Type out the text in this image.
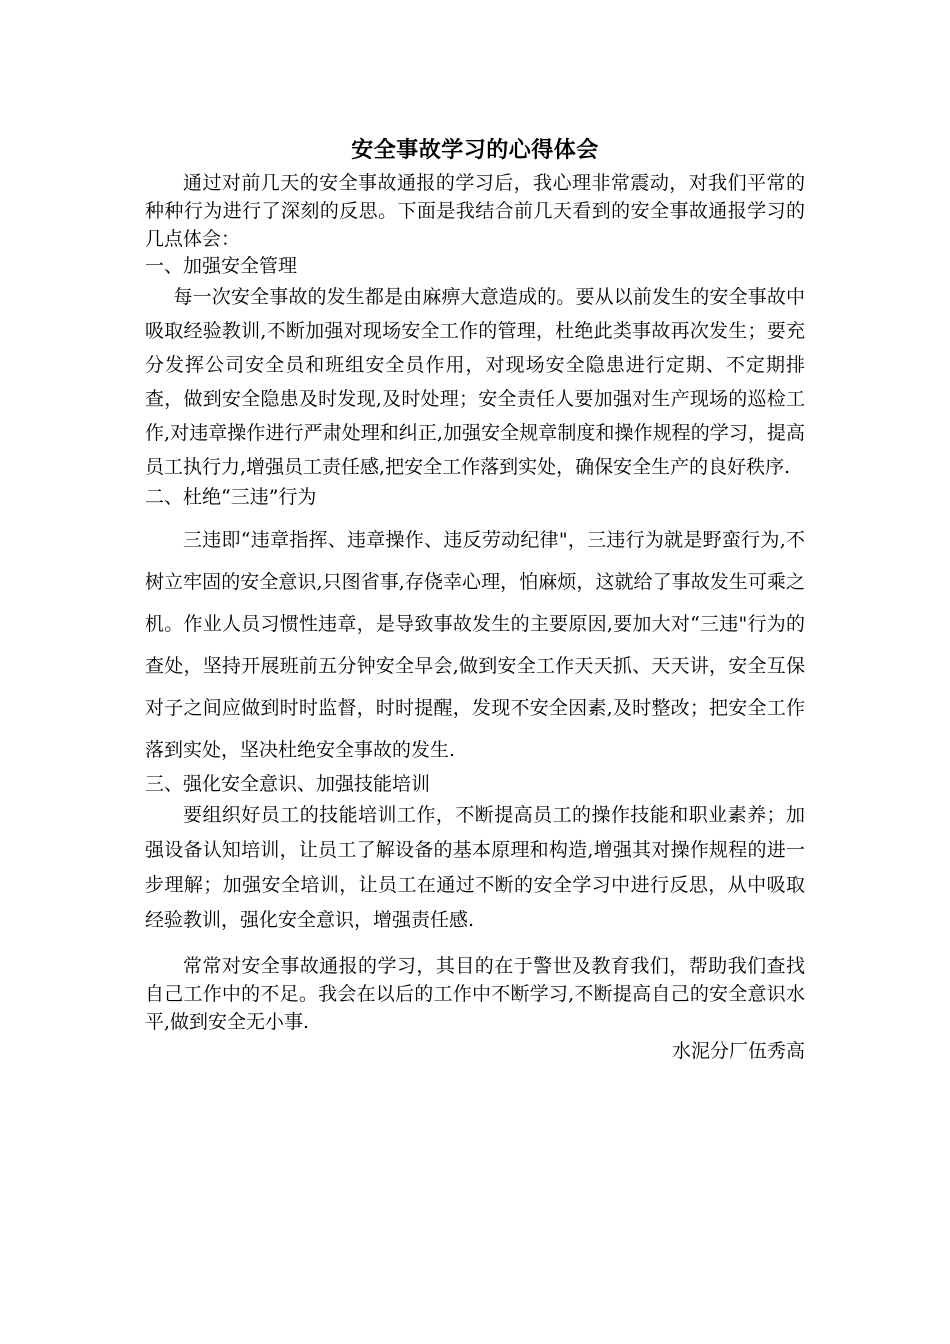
安全事故学习的心得体会

通过对前几天的安全事故通报的学习后，我心理非常震动，对我们平常的种种行为进行了深刻的反思。下面是我结合前几天看到的安全事故通报学习的几点体会：

一、加强安全管理

每一次安全事故的发生都是由麻痹大意造成的。要从以前发生的安全事故中吸取经验教训,不断加强对现场安全工作的管理，杜绝此类事故再次发生；要充分发挥公司安全员和班组安全员作用，对现场安全隐患进行定期、不定期排查，做到安全隐患及时发现,及时处理；安全责任人要加强对生产现场的巡检工作,对违章操作进行严肃处理和纠正,加强安全规章制度和操作规程的学习，提高员工执行力,增强员工责任感,把安全工作落到实处，确保安全生产的良好秩序.

二、杜绝“三违”行为

三违即“违章指挥、违章操作、违反劳动纪律"，三违行为就是野蛮行为,不树立牢固的安全意识,只图省事,存侥幸心理，怕麻烦，这就给了事故发生可乘之机。作业人员习惯性违章，是导致事故发生的主要原因,要加大对“三违"行为的查处，坚持开展班前五分钟安全早会,做到安全工作天天抓、天天讲，安全互保对子之间应做到时时监督，时时提醒，发现不安全因素,及时整改；把安全工作落到实处，坚决杜绝安全事故的发生.

三、强化安全意识、加强技能培训

要组织好员工的技能培训工作，不断提高员工的操作技能和职业素养；加强设备认知培训，让员工了解设备的基本原理和构造,增强其对操作规程的进一步理解；加强安全培训，让员工在通过不断的安全学习中进行反思，从中吸取经验教训，强化安全意识，增强责任感.

常常对安全事故通报的学习，其目的在于警世及教育我们，帮助我们查找自己工作中的不足。我会在以后的工作中不断学习,不断提高自己的安全意识水平,做到安全无小事.

水泥分厂伍秀高
